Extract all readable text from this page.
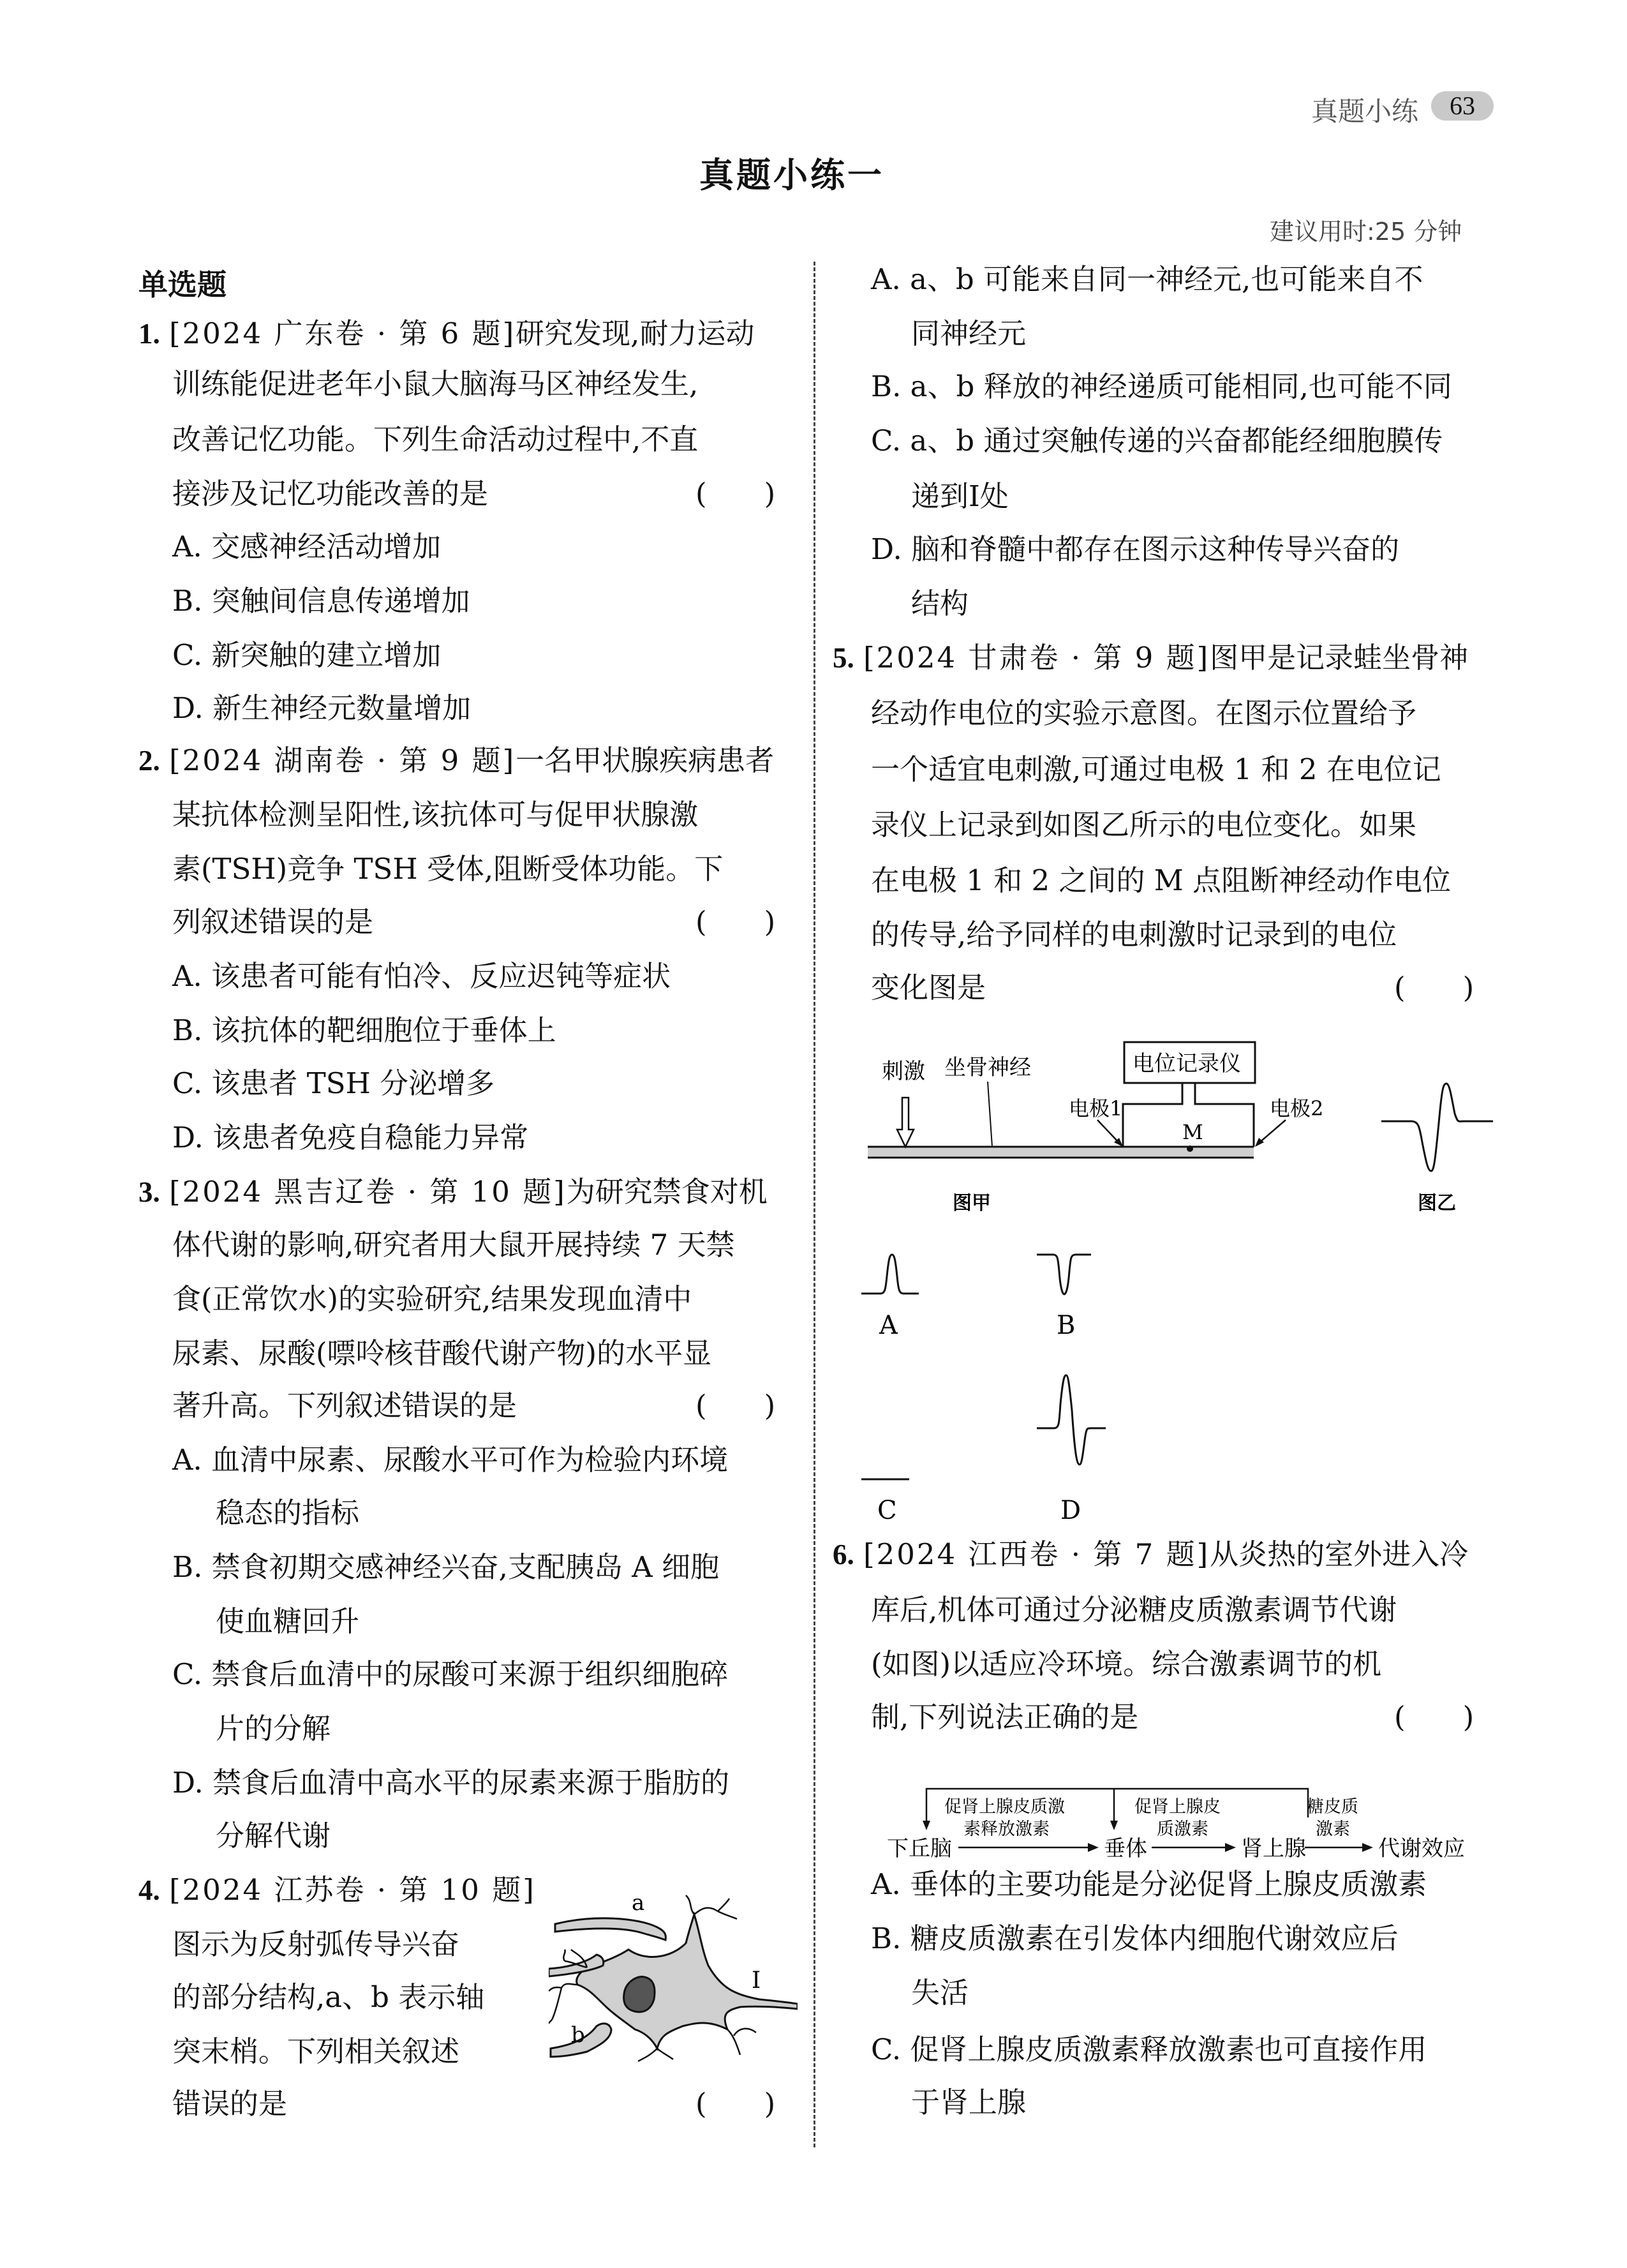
真题小练	63
真题小练一
建议用时:25 分钟
单选题
1. [2024 广东卷 · 第 6 题]研究发现,耐力运动
训练能促进老年小鼠大脑海马区神经发生,
改善记忆功能。下列生命活动过程中,不直
接涉及记忆功能改善的是	( )
A. 交感神经活动增加
B. 突触间信息传递增加
C. 新突触的建立增加
D. 新生神经元数量增加
2. [2024 湖南卷 · 第 9 题]一名甲状腺疾病患者
某抗体检测呈阳性,该抗体可与促甲状腺激
素(TSH)竞争 TSH 受体,阻断受体功能。下
列叙述错误的是	( )
A. 该患者可能有怕冷、反应迟钝等症状
B. 该抗体的靶细胞位于垂体上
C. 该患者 TSH 分泌增多
D. 该患者免疫自稳能力异常
3. [2024 黑吉辽卷 · 第 10 题]为研究禁食对机
体代谢的影响,研究者用大鼠开展持续 7 天禁
食(正常饮水)的实验研究,结果发现血清中
尿素、尿酸(嘌呤核苷酸代谢产物)的水平显
著升高。下列叙述错误的是	( )
A. 血清中尿素、尿酸水平可作为检验内环境
稳态的指标
B. 禁食初期交感神经兴奋,支配胰岛 A 细胞
使血糖回升
C. 禁食后血清中的尿酸可来源于组织细胞碎
片的分解
D. 禁食后血清中高水平的尿素来源于脂肪的
分解代谢
4. [2024 江苏卷 · 第 10 题]
图示为反射弧传导兴奋
的部分结构,a、b 表示轴
突末梢。下列相关叙述
错误的是	( )
a
b
Ⅰ
A. a、b 可能来自同一神经元,也可能来自不
同神经元
B. a、b 释放的神经递质可能相同,也可能不同
C. a、b 通过突触传递的兴奋都能经细胞膜传
递到Ⅰ处
D. 脑和脊髓中都存在图示这种传导兴奋的
结构
5. [2024 甘肃卷 · 第 9 题]图甲是记录蛙坐骨神
经动作电位的实验示意图。在图示位置给予
一个适宜电刺激,可通过电极 1 和 2 在电位记
录仪上记录到如图乙所示的电位变化。如果
在电极 1 和 2 之间的 M 点阻断神经动作电位
的传导,给予同样的电刺激时记录到的电位
变化图是	( )
刺激 坐骨神经	电位记录仪
电极1	电极2
M
图甲	图乙
A	B
C	D
6. [2024 江西卷 · 第 7 题]从炎热的室外进入冷
库后,机体可通过分泌糖皮质激素调节代谢
(如图)以适应冷环境。综合激素调节的机
制,下列说法正确的是	( )
下丘脑	垂体	肾上腺	代谢效应
促肾上腺皮质激
素释放激素
促肾上腺皮
质激素
糖皮质
激素
A. 垂体的主要功能是分泌促肾上腺皮质激素
B. 糖皮质激素在引发体内细胞代谢效应后
失活
C. 促肾上腺皮质激素释放激素也可直接作用
于肾上腺
